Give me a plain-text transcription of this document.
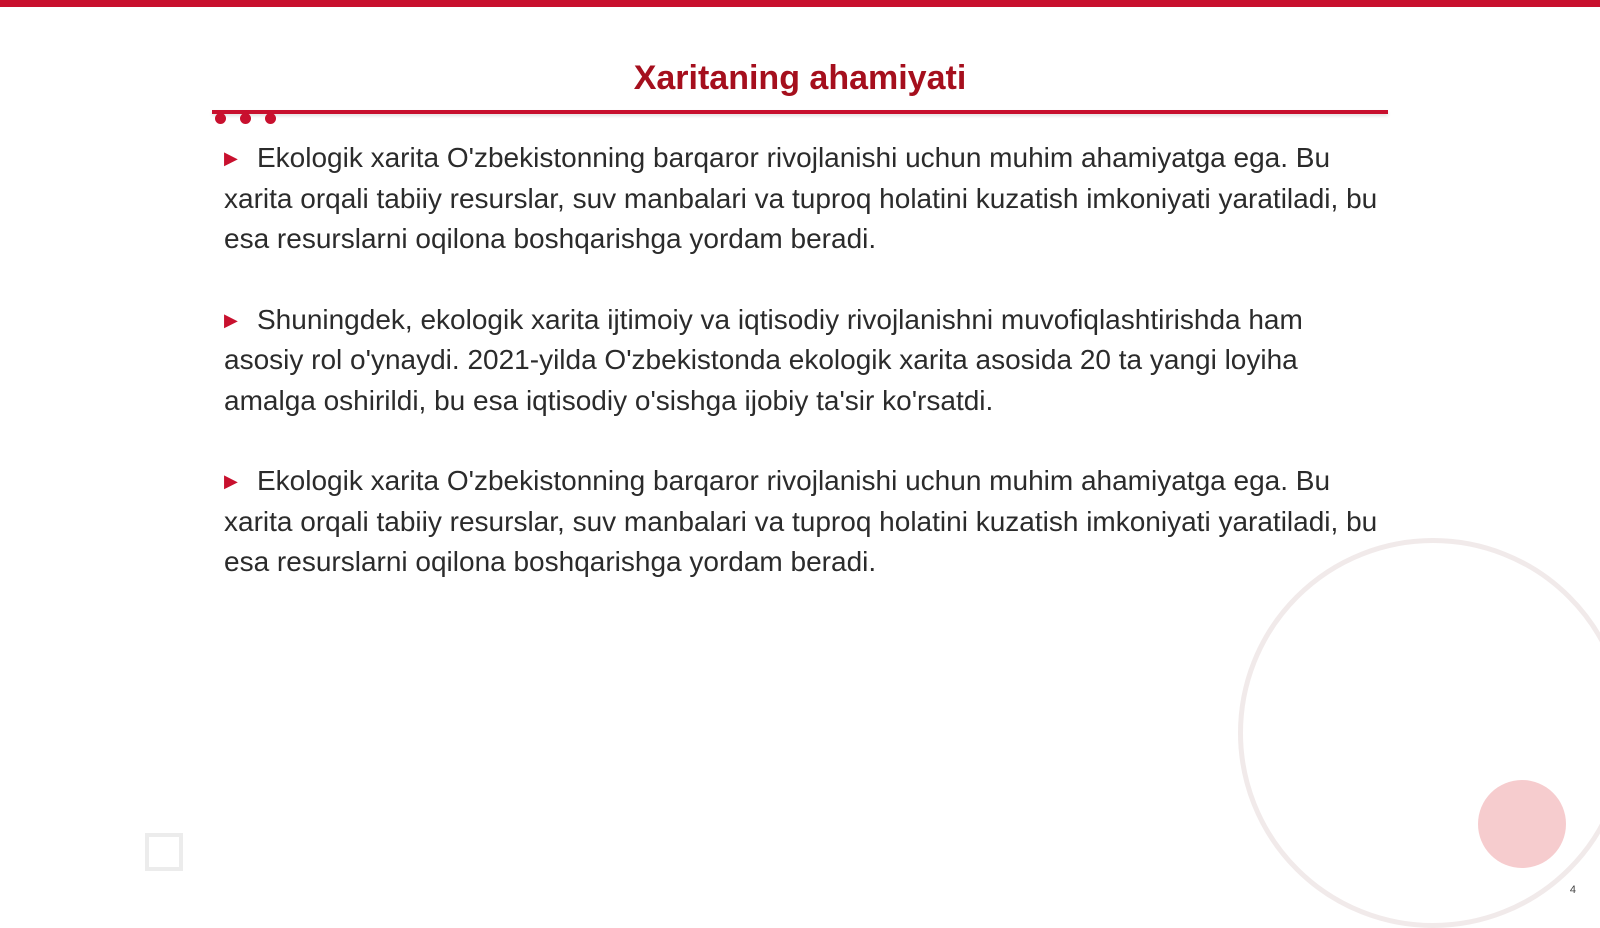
Xaritaning ahamiyati

▶ Ekologik xarita O'zbekistonning barqaror rivojlanishi uchun muhim ahamiyatga ega. Bu xarita orqali tabiiy resurslar, suv manbalari va tuproq holatini kuzatish imkoniyati yaratiladi, bu esa resurslarni oqilona boshqarishga yordam beradi.

▶ Shuningdek, ekologik xarita ijtimoiy va iqtisodiy rivojlanishni muvofiqlashtirishda ham asosiy rol o'ynaydi. 2021-yilda O'zbekistonda ekologik xarita asosida 20 ta yangi loyiha amalga oshirildi, bu esa iqtisodiy o'sishga ijobiy ta'sir ko'rsatdi.

▶ Ekologik xarita O'zbekistonning barqaror rivojlanishi uchun muhim ahamiyatga ega. Bu xarita orqali tabiiy resurslar, suv manbalari va tuproq holatini kuzatish imkoniyati yaratiladi, bu esa resurslarni oqilona boshqarishga yordam beradi.

4
